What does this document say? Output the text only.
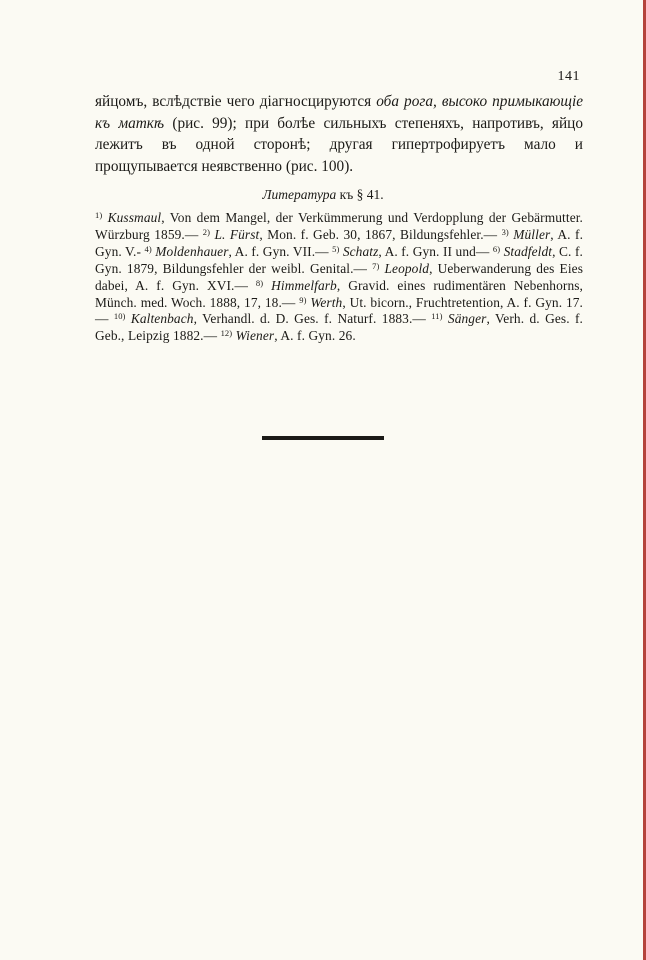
141
яйцомъ, вслѣдствіе чего діагносцируются оба рога, высоко примыкающіе къ маткѣ (рис. 99); при болѣе сильныхъ степеняхъ, напротивъ, яйцо лежитъ въ одной сторонѣ; другая гипертрофируетъ мало и прощупывается неявственно (рис. 100).
Литература къ § 41.
$^{1)}$ Kussmaul, Von dem Mangel, der Verkümmerung und Verdopplung der Gebärmutter. Würzburg 1859.— $^{2)}$ L. Fürst, Mon. f. Geb. 30, 1867, Bildungsfehler.— $^{3)}$ Müller, A. f. Gyn. V.- $^{4)}$ Moldenhauer, A. f. Gyn. VII.— $^{5)}$ Schatz, A. f. Gyn. II und— $^{6)}$ Stadfeldt, C. f. Gyn. 1879, Bildungsfehler der weibl. Genital.— $^{7)}$ Leopold, Ueberwanderung des Eies dabei, A. f. Gyn. XVI.— $^{8)}$ Himmelfarb, Gravid. eines rudimentären Nebenhorns, Münch. med. Woch. 1888, 17, 18.— $^{9)}$ Werth, Ut. bicorn., Fruchtretention, A. f. Gyn. 17.— $^{10)}$ Kaltenbach, Verhandl. d. D. Ges. f. Naturf. 1883.— $^{11)}$ Sänger, Verh. d. Ges. f. Geb., Leipzig 1882.— $^{12)}$ Wiener, A. f. Gyn. 26.
